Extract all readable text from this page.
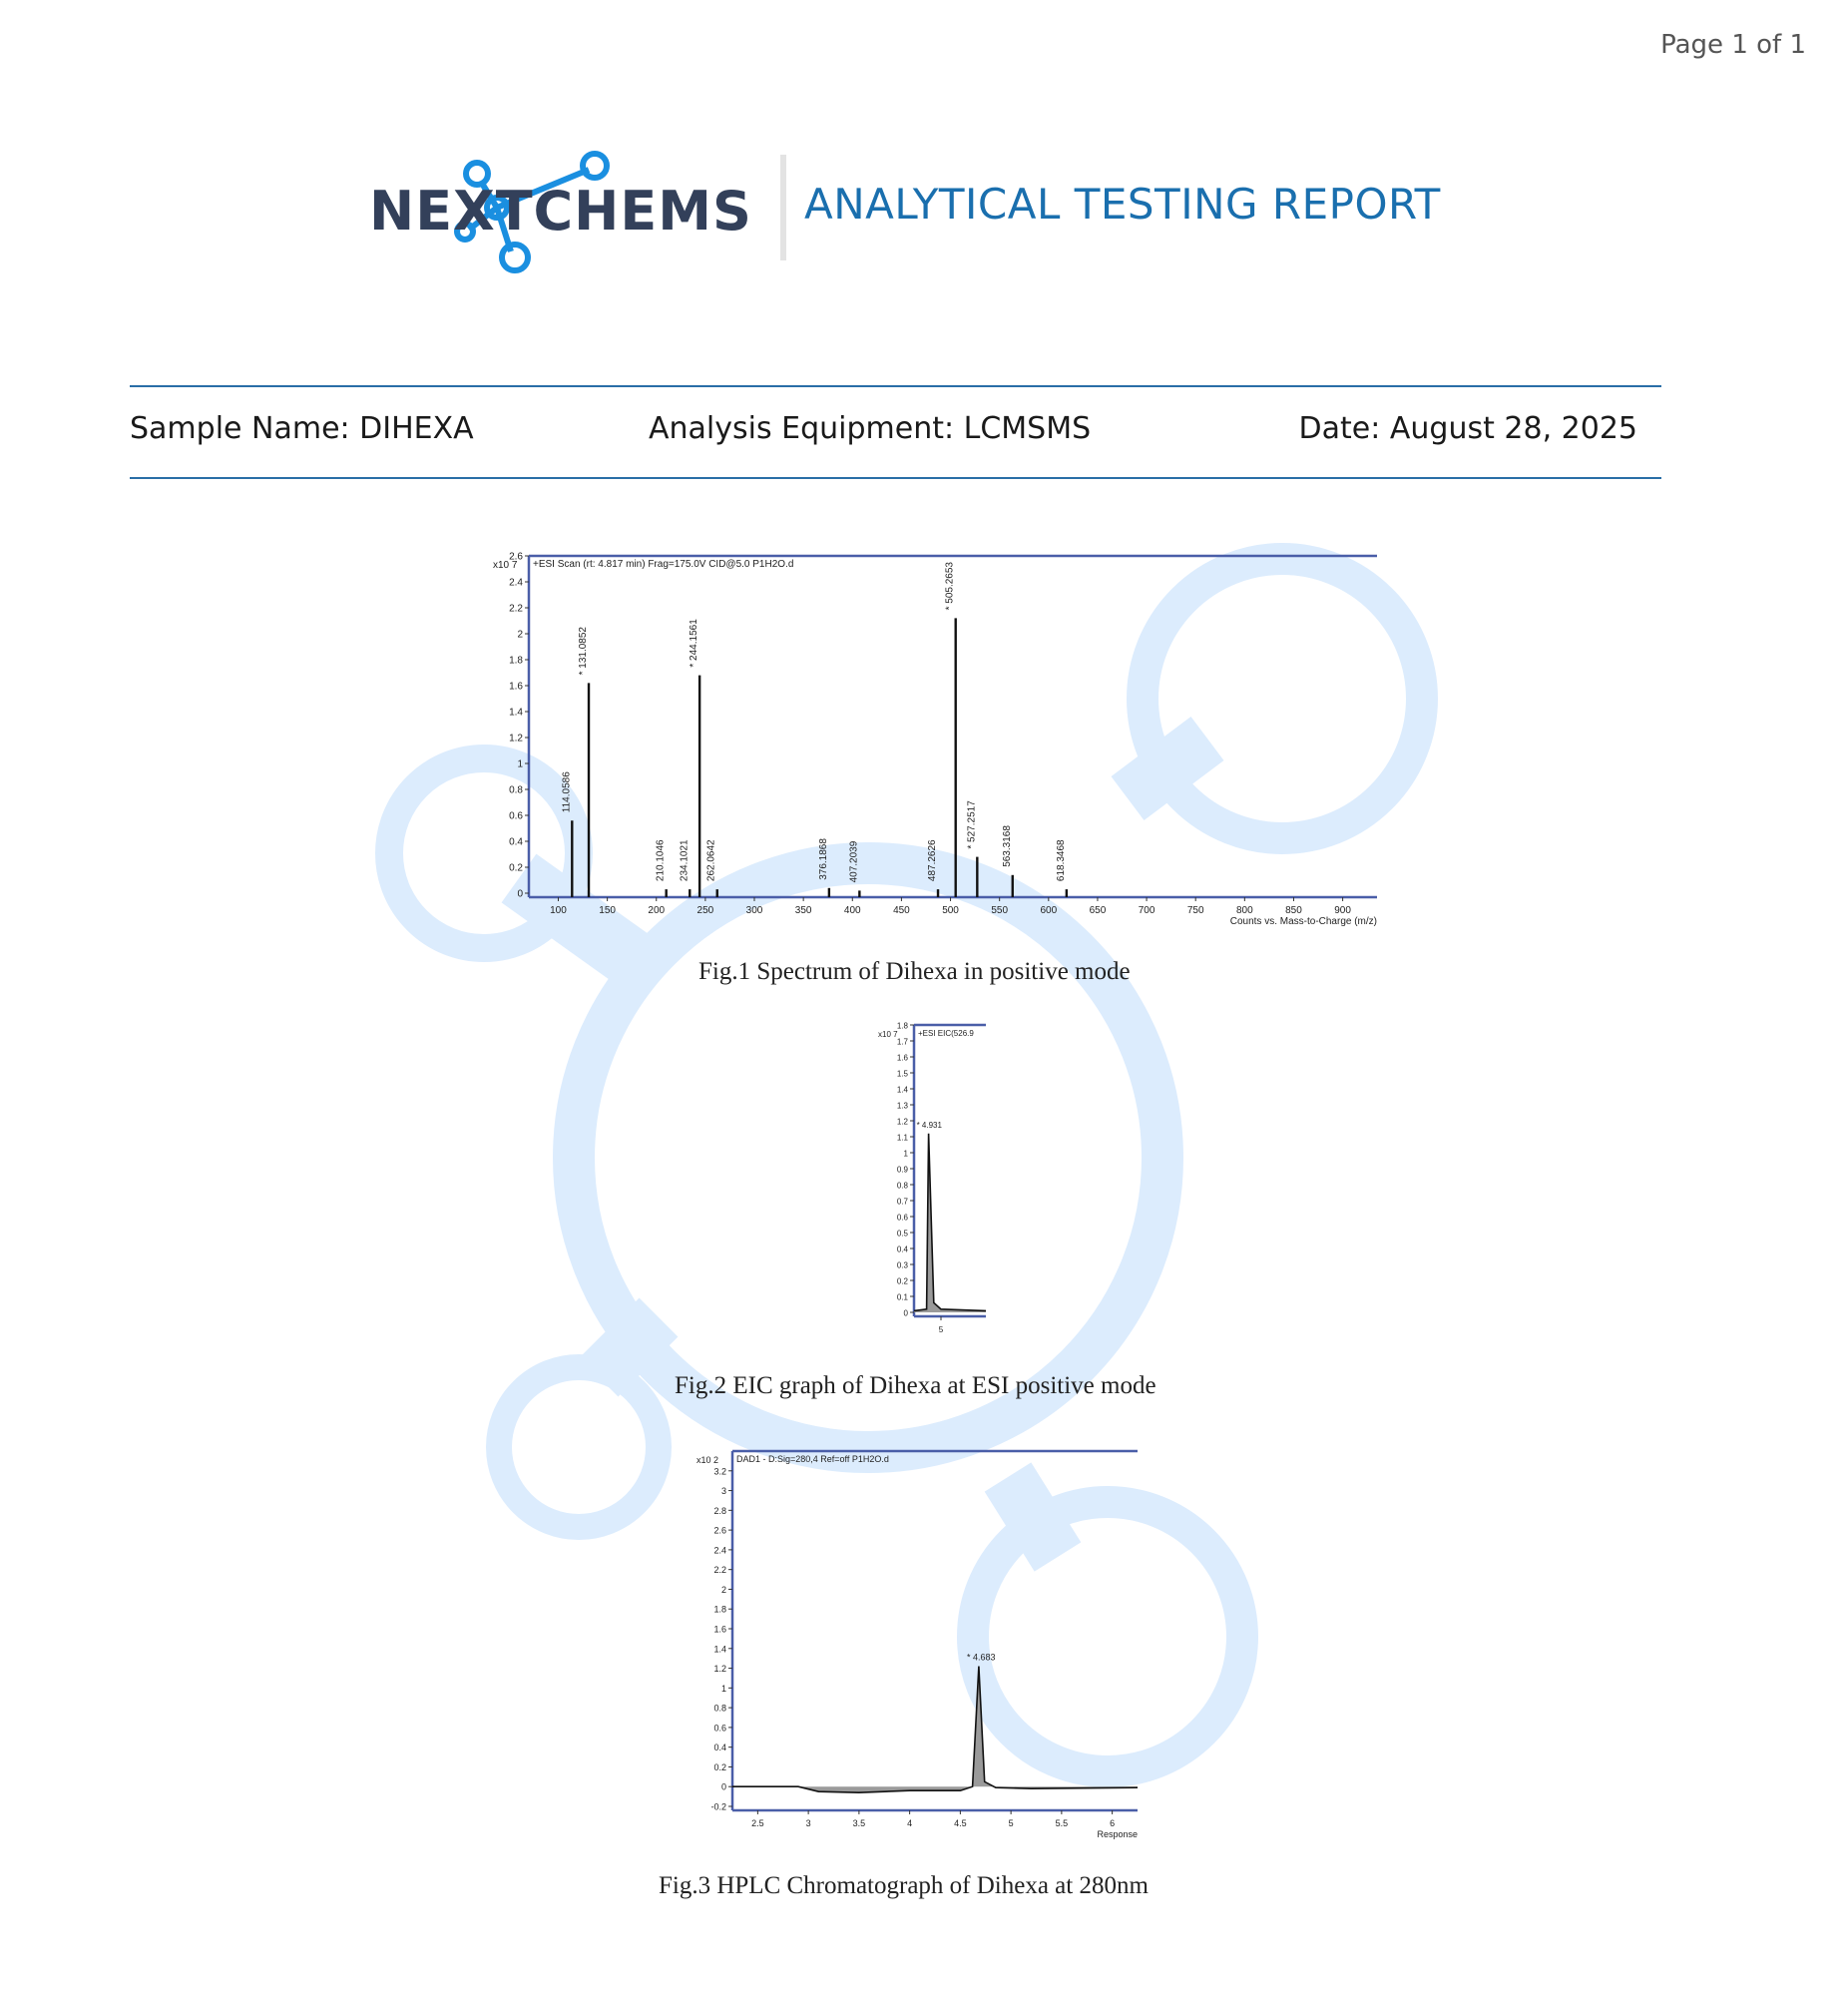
Page 1 of 1
NEXTCHEMS ANALYTICAL TESTING REPORT
Sample Name: DIHEXA	Analysis Equipment: LCMSMS	Date: August 28, 2025
+ESI Scan (rt: 4.817 min) Frag=175.0V CID@5.0 P1H2O.d
x10 7
0
0.2
0.4
0.6
0.8
1
1.2
1.4
1.6
1.8
2
2.2
2.4
2.6
100	150	200	250	300	350	400	450	500	550	600	650	700	750	800	850	900
Counts vs. Mass-to-Charge (m/z)
114.0586
* 131.0852
210.1046 234.1021
* 244.1561
262.0642	376.1868 407.2039	487.2626
* 505.2653
* 527.2517 563.3168	618.3468
Fig.1 Spectrum of Dihexa in positive mode
+ESI EIC(526.9
x10 7
0
0.1
0.2
0.3
0.4
0.5
0.6
0.7
0.8
0.9
1
1.1
1.2
1.3
1.4
1.5
1.6
1.7
1.8
5
* 4.931
Fig.2 EIC graph of Dihexa at ESI positive mode
DAD1 - D:Sig=280,4 Ref=off P1H2O.d
x10 2
-0.2
0
0.2
0.4
0.6
0.8
1
1.2
1.4
1.6
1.8
2
2.2
2.4
2.6
2.8
3
3.2
2.5	3	3.5	4	4.5	5	5.5	6
Response
* 4.683
Fig.3 HPLC Chromatograph of Dihexa at 280nm
